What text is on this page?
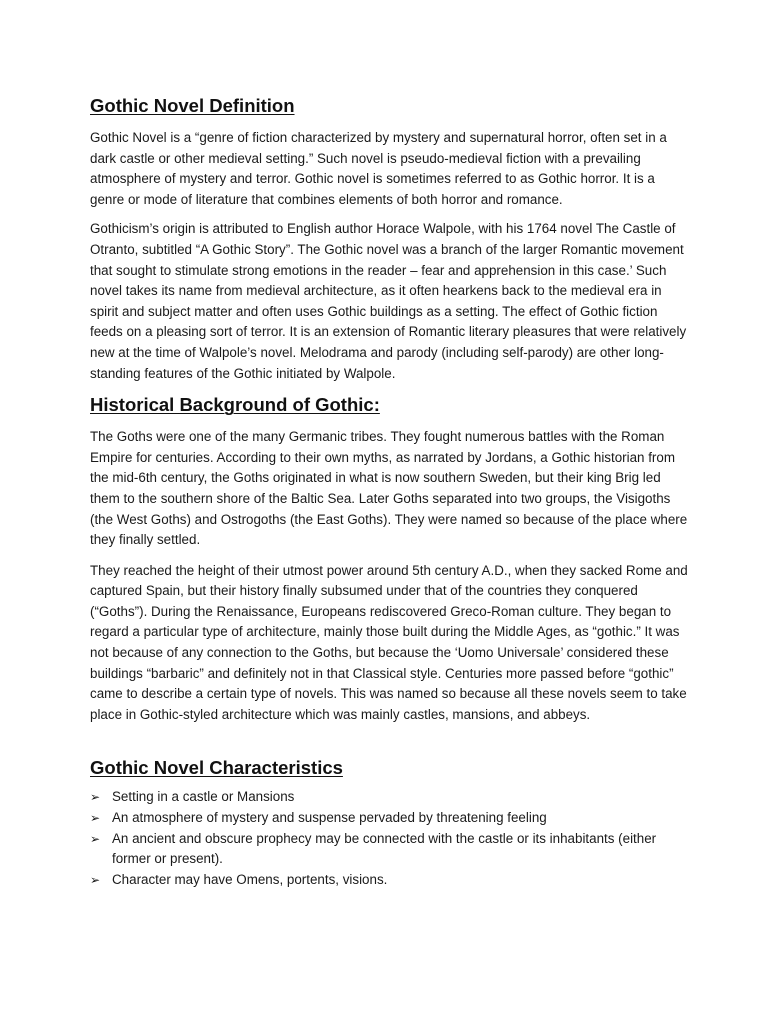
Gothic Novel Definition

Gothic Novel is a “genre of fiction characterized by mystery and supernatural horror, often set in a dark castle or other medieval setting.” Such novel is pseudo-medieval fiction with a prevailing atmosphere of mystery and terror. Gothic novel is sometimes referred to as Gothic horror. It is a genre or mode of literature that combines elements of both horror and romance.

Gothicism’s origin is attributed to English author Horace Walpole, with his 1764 novel The Castle of Otranto, subtitled “A Gothic Story”. The Gothic novel was a branch of the larger Romantic movement that sought to stimulate strong emotions in the reader – fear and apprehension in this case.’ Such novel takes its name from medieval architecture, as it often hearkens back to the medieval era in spirit and subject matter and often uses Gothic buildings as a setting. The effect of Gothic fiction feeds on a pleasing sort of terror. It is an extension of Romantic literary pleasures that were relatively new at the time of Walpole’s novel. Melodrama and parody (including self-parody) are other long-standing features of the Gothic initiated by Walpole.

Historical Background of Gothic:

The Goths were one of the many Germanic tribes. They fought numerous battles with the Roman Empire for centuries. According to their own myths, as narrated by Jordans, a Gothic historian from the mid-6th century, the Goths originated in what is now southern Sweden, but their king Brig led them to the southern shore of the Baltic Sea. Later Goths separated into two groups, the Visigoths (the West Goths) and Ostrogoths (the East Goths). They were named so because of the place where they finally settled.

They reached the height of their utmost power around 5th century A.D., when they sacked Rome and captured Spain, but their history finally subsumed under that of the countries they conquered (“Goths”). During the Renaissance, Europeans rediscovered Greco-Roman culture. They began to regard a particular type of architecture, mainly those built during the Middle Ages, as “gothic.” It was not because of any connection to the Goths, but because the ‘Uomo Universale’ considered these buildings “barbaric” and definitely not in that Classical style. Centuries more passed before “gothic” came to describe a certain type of novels. This was named so because all these novels seem to take place in Gothic-styled architecture which was mainly castles, mansions, and abbeys.

Gothic Novel Characteristics
➢ Setting in a castle or Mansions
➢ An atmosphere of mystery and suspense pervaded by threatening feeling
➢ An ancient and obscure prophecy may be connected with the castle or its inhabitants (either former or present).
➢ Character may have Omens, portents, visions.
